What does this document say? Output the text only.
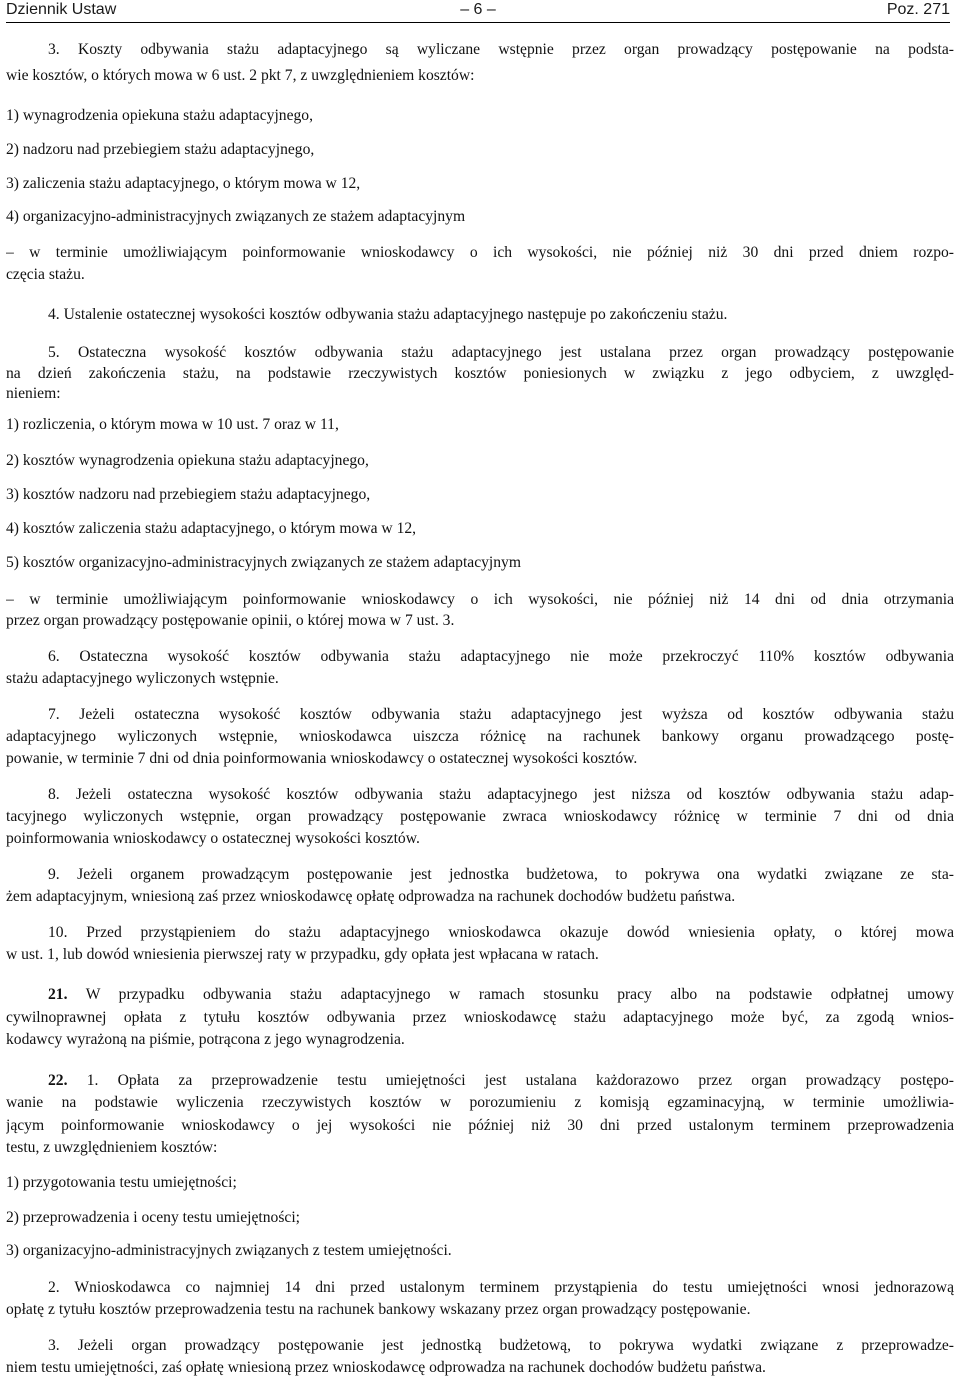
Dziennik Ustaw	– 6 –	Poz. 271
3. Koszty odbywania stażu adaptacyjnego są wyliczane wstępnie przez organ prowadzący postępowanie na podsta-
wie kosztów, o których mowa w 6 ust. 2 pkt 7, z uwzględnieniem kosztów:
1) wynagrodzenia opiekuna stażu adaptacyjnego,
2) nadzoru nad przebiegiem stażu adaptacyjnego,
3) zaliczenia stażu adaptacyjnego, o którym mowa w 12,
4) organizacyjno-administracyjnych związanych ze stażem adaptacyjnym
– w terminie umożliwiającym poinformowanie wnioskodawcy o ich wysokości, nie później niż 30 dni przed dniem rozpo-
częcia stażu.
4. Ustalenie ostatecznej wysokości kosztów odbywania stażu adaptacyjnego następuje po zakończeniu stażu.
5. Ostateczna wysokość kosztów odbywania stażu adaptacyjnego jest ustalana przez organ prowadzący postępowanie
na dzień zakończenia stażu, na podstawie rzeczywistych kosztów poniesionych w związku z jego odbyciem, z uwzględ-
nieniem:
1) rozliczenia, o którym mowa w 10 ust. 7 oraz w 11,
2) kosztów wynagrodzenia opiekuna stażu adaptacyjnego,
3) kosztów nadzoru nad przebiegiem stażu adaptacyjnego,
4) kosztów zaliczenia stażu adaptacyjnego, o którym mowa w 12,
5) kosztów organizacyjno-administracyjnych związanych ze stażem adaptacyjnym
– w terminie umożliwiającym poinformowanie wnioskodawcy o ich wysokości, nie później niż 14 dni od dnia otrzymania
przez organ prowadzący postępowanie opinii, o której mowa w 7 ust. 3.
6. Ostateczna wysokość kosztów odbywania stażu adaptacyjnego nie może przekroczyć 110% kosztów odbywania
stażu adaptacyjnego wyliczonych wstępnie.
7. Jeżeli ostateczna wysokość kosztów odbywania stażu adaptacyjnego jest wyższa od kosztów odbywania stażu
adaptacyjnego wyliczonych wstępnie, wnioskodawca uiszcza różnicę na rachunek bankowy organu prowadzącego postę-
powanie, w terminie 7 dni od dnia poinformowania wnioskodawcy o ostatecznej wysokości kosztów.
8. Jeżeli ostateczna wysokość kosztów odbywania stażu adaptacyjnego jest niższa od kosztów odbywania stażu adap-
tacyjnego wyliczonych wstępnie, organ prowadzący postępowanie zwraca wnioskodawcy różnicę w terminie 7 dni od dnia
poinformowania wnioskodawcy o ostatecznej wysokości kosztów.
9. Jeżeli organem prowadzącym postępowanie jest jednostka budżetowa, to pokrywa ona wydatki związane ze sta-
żem adaptacyjnym, wniesioną zaś przez wnioskodawcę opłatę odprowadza na rachunek dochodów budżetu państwa.
10. Przed przystąpieniem do stażu adaptacyjnego wnioskodawca okazuje dowód wniesienia opłaty, o której mowa
w ust. 1, lub dowód wniesienia pierwszej raty w przypadku, gdy opłata jest wpłacana w ratach.
21. W przypadku odbywania stażu adaptacyjnego w ramach stosunku pracy albo na podstawie odpłatnej umowy
cywilnoprawnej opłata z tytułu kosztów odbywania przez wnioskodawcę stażu adaptacyjnego może być, za zgodą wnios-
kodawcy wyrażoną na piśmie, potrącona z jego wynagrodzenia.
22. 1. Opłata za przeprowadzenie testu umiejętności jest ustalana każdorazowo przez organ prowadzący postępo-
wanie na podstawie wyliczenia rzeczywistych kosztów w porozumieniu z komisją egzaminacyjną, w terminie umożliwia-
jącym poinformowanie wnioskodawcy o jej wysokości nie później niż 30 dni przed ustalonym terminem przeprowadzenia
testu, z uwzględnieniem kosztów:
1) przygotowania testu umiejętności;
2) przeprowadzenia i oceny testu umiejętności;
3) organizacyjno-administracyjnych związanych z testem umiejętności.
2. Wnioskodawca co najmniej 14 dni przed ustalonym terminem przystąpienia do testu umiejętności wnosi jednorazową
opłatę z tytułu kosztów przeprowadzenia testu na rachunek bankowy wskazany przez organ prowadzący postępowanie.
3. Jeżeli organ prowadzący postępowanie jest jednostką budżetową, to pokrywa wydatki związane z przeprowadze-
niem testu umiejętności, zaś opłatę wniesioną przez wnioskodawcę odprowadza na rachunek dochodów budżetu państwa.
